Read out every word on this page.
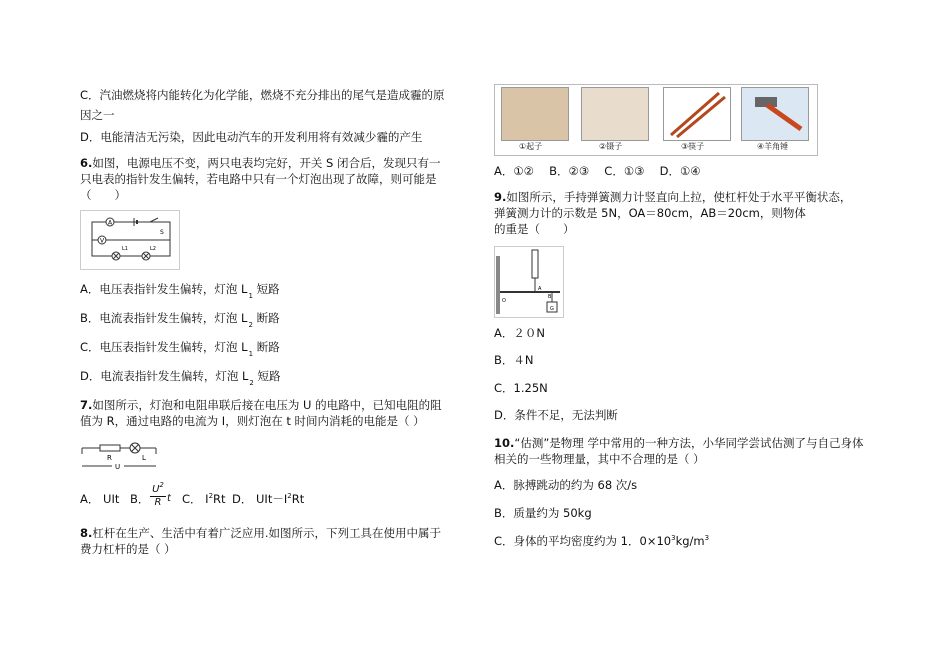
C．汽油燃烧将内能转化为化学能，燃烧不充分排出的尾气是造成霾的原
因之一
D．电能清洁无污染，因此电动汽车的开发利用将有效减少霾的产生
6.如图，电源电压不变，两只电表均完好，开关 S 闭合后，发现只有一
只电表的指针发生偏转，若电路中只有一个灯泡出现了故障，则可能是
（　　）
A
S
V
L1	L2
A．电压表指针发生偏转，灯泡 $L_1$ 短路
B．电流表指针发生偏转，灯泡 $L_2$ 断路
C．电压表指针发生偏转，灯泡 $L_1$ 断路
D．电流表指针发生偏转，灯泡 $L_2$ 短路
7.如图所示，灯泡和电阻串联后接在电压为 U 的电路中，已知电阻的阻
值为 R，通过电路的电流为 I，则灯泡在 t 时间内消耗的电能是（ ）
R	L
U
A． UIt B．
$U^2$
R t C． $I^2Rt$ D． $UIt-I^2Rt$
8.杠杆在生产、生活中有着广泛应用.如图所示，下列工具在使用中属于
费力杠杆的是（ ）
①起子	②镊子	③筷子	④羊角锤
A．①②　 B．②③　 C．①③　 D．①④
9.如图所示，手持弹簧测力计竖直向上拉，使杠杆处于水平平衡状态，
弹簧测力计的示数是 5N，OA＝80cm，AB＝20cm，则物体
的重是（　　）
O
A
B
G
A．２０N
B．４N
C．1.25N
D．条件不足，无法判断
10.“估测”是物理 学中常用的一种方法，小华同学尝试估测了与自己身体
相关的一些物理量，其中不合理的是（ ）
A．脉搏跳动的约为 68 次/s
B．质量约为 50kg
C．身体的平均密度约为 1．$0\times 10^3kg/m^3$
